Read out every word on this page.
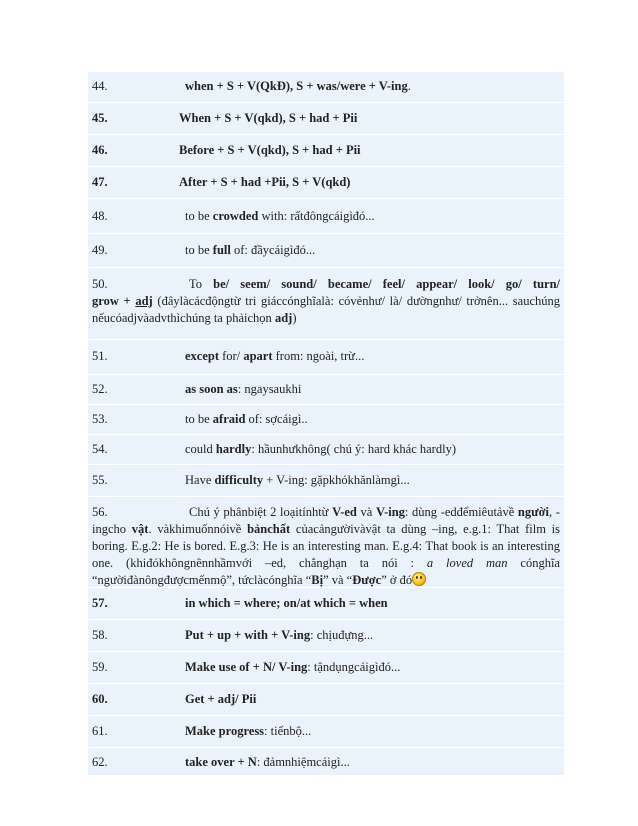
44.	when + S + V(QkĐ), S + was/were + V-ing.
45.	When + S + V(qkd), S + had + Pii
46.	Before + S + V(qkd), S + had + Pii
47.	After + S + had +Pii, S + V(qkd)
48.	to be crowded with: rấtđôngcáigìđó...
49.	to be full of: đầycáigìđó...
50.	To be/ seem/ sound/ became/ feel/ appear/ look/ go/ turn/
grow + adj (đâylàcácđộngtừ tri giáccónghĩalà: cóvẻnhư/ là/ dườngnhư/ trởnên... sauchúng nếucóadjvàadvthìchúng ta phảichọn adj)
51.	except for/ apart from: ngoài, trừ...
52.	as soon as: ngaysaukhi
53.	to be afraid of: sợcáigì..
54.	could hardly: hầunhưkhông( chú ý: hard khác hardly)
55.	Have difficulty + V-ing: gặpkhókhănlàmgì...
56.	Chú ý phânbiệt 2 loạitínhtừ V-ed và V-ing: dùng -edđểmiêutảvề người, -ingcho vật. vàkhimuốnnóivề bảnchất củacảngườivàvật ta dùng –ing, e.g.1: That film is boring. E.g.2: He is bored. E.g.3: He is an interesting man. E.g.4: That book is an interesting one. (khiđókhôngnênnhầmvới –ed, chẳnghạn ta nói : a loved man cónghĩa “ngườiđànôngđượcmếnmộ”, tứclàcónghĩa “Bị” và “Được” ở đó
57.	in which = where; on/at which = when
58.	Put + up + with + V-ing: chịuđựng...
59.	Make use of + N/ V-ing: tậndụngcáigìđó...
60.	Get + adj/ Pii
61.	Make progress: tiếnbộ...
62.	take over + N: đảmnhiệmcáigì...
